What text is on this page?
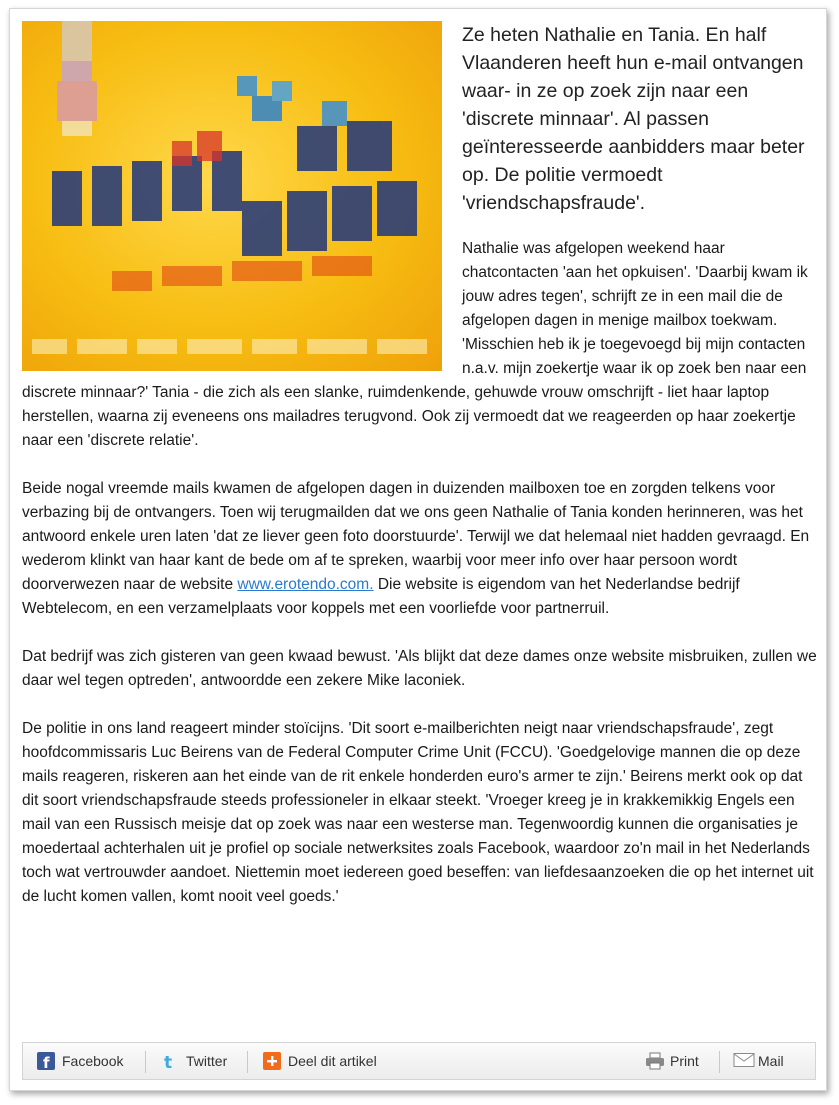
Ze heten Nathalie en Tania. En half Vlaanderen heeft hun e-mail ontvangen waar- in ze op zoek zijn naar een 'discrete minnaar'. Al passen geïnteresseerde aanbidders maar beter op. De politie vermoedt 'vriendschapsfraude'.

Nathalie was afgelopen weekend haar chatcontacten 'aan het opkuisen'. 'Daarbij kwam ik jouw adres tegen', schrijft ze in een mail die de afgelopen dagen in menige mailbox toekwam. 'Misschien heb ik je toegevoegd bij mijn contacten n.a.v. mijn zoekertje waar ik op zoek ben naar een discrete minnaar?' Tania - die zich als een slanke, ruimdenkende, gehuwde vrouw omschrijft - liet haar laptop herstellen, waarna zij eveneens ons mailadres terugvond. Ook zij vermoedt dat we reageerden op haar zoekertje naar een 'discrete relatie'.

Beide nogal vreemde mails kwamen de afgelopen dagen in duizenden mailboxen toe en zorgden telkens voor verbazing bij de ontvangers. Toen wij terugmailden dat we ons geen Nathalie of Tania konden herinneren, was het antwoord enkele uren laten 'dat ze liever geen foto doorstuurde'. Terwijl we dat helemaal niet hadden gevraagd. En wederom klinkt van haar kant de bede om af te spreken, waarbij voor meer info over haar persoon wordt doorverwezen naar de website www.erotendo.com. Die website is eigendom van het Nederlandse bedrijf Webtelecom, en een verzamelplaats voor koppels met een voorliefde voor partnerruil.

Dat bedrijf was zich gisteren van geen kwaad bewust. 'Als blijkt dat deze dames onze website misbruiken, zullen we daar wel tegen optreden', antwoordde een zekere Mike laconiek.

De politie in ons land reageert minder stoïcijns. 'Dit soort e-mailberichten neigt naar vriendschapsfraude', zegt hoofdcommissaris Luc Beirens van de Federal Computer Crime Unit (FCCU). 'Goedgelovige mannen die op deze mails reageren, riskeren aan het einde van de rit enkele honderden euro's armer te zijn.' Beirens merkt ook op dat dit soort vriendschapsfraude steeds professioneler in elkaar steekt. 'Vroeger kreeg je in krakkemikkig Engels een mail van een Russisch meisje dat op zoek was naar een westerse man. Tegenwoordig kunnen die organisaties je moedertaal achterhalen uit je profiel op sociale netwerksites zoals Facebook, waardoor zo'n mail in het Nederlands toch wat vertrouwder aandoet. Niettemin moet iedereen goed beseffen: van liefdesaanzoeken die op het internet uit de lucht komen vallen, komt nooit veel goeds.'

f Facebook t Twitter	Deel dit artikel	Print	Mail
